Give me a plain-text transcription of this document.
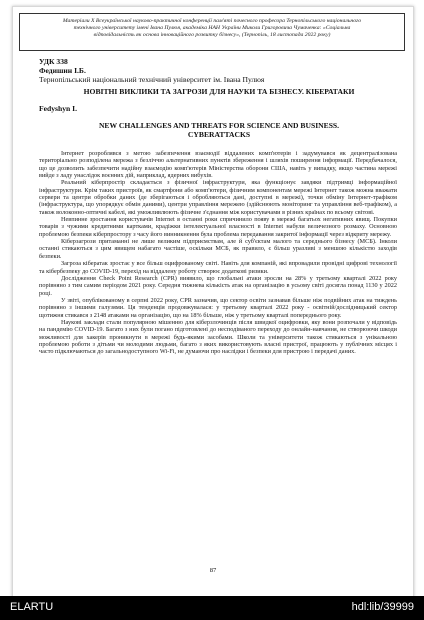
Матеріали Х Всеукраїнської науково-практичної конференції пам'яті почесного професора Тернопільського національного
технічного університету імені Івана Пулюя, академіка НАН України Миколи Григоровича Чумаченка: «Соціальна
відповідальність як основа інноваційного розвитку бізнесу», (Тернопіль, 18 листопада 2022 року)
УДК 338
Федишин І.Б.
Тернопільський національний технічний університет ім. Івана Пулюя
НОВІТНІ ВИКЛИКИ ТА ЗАГРОЗИ ДЛЯ НАУКИ ТА БІЗНЕСУ. КІБЕРАТАКИ
Fedyshyn I.
NEW CHALLENGES AND THREATS FOR SCIENCE AND BUSINESS.
CYBERATTACKS

Інтернет розроблявся з метою забезпечення взаємодії віддалених комп'ютерів і задумувався як децентралізована територіально розподілена мережа з безліччю альтернативних пунктів збереження і шляхів поширення інформації. Передбачалося, що це дозволить забезпечити надійну взаємодію комп'ютерів Міністерства оборони США, навіть у випадку, якщо частина мережі вийде з ладу унаслідок воєнних дій, наприклад, ядерних вибухів.

Реальний кіберпростір складається з фізичної інфраструктури, яка функціонує завдяки підтримці інформаційної інфраструктури. Крім таких пристроїв, як смартфони або комп'ютери, фізичним компонентам мережі Інтернет також можна вважати сервери та центри обробки даних (де зберігаються і обробляються дані, доступні в мережі), точки обміну Інтернет-трафіком (інфраструктура, що упорядкує обмін даними), центри управління мережею (здійснюють моніторинг та управління веб-трафіком), а також волоконно-оптичні кабелі, які уможливлюють фізичне з'єднання між користувачами в різних країнах по всьому світові.

Невпинне зростання користувачів Internet в останні роки спричинило появу в мережі багатьох негативних явищ. Покупки товарів з чужими кредитними картками, крадіжки інтелектуальної власності в Internet набули величезного розмаху. Основною проблемою безпеки кіберпростору з часу його винникнення була проблема передавання закритої інформації через відкриту мережу.

Кіберзагрози притаманні не лише великим підприємствам, але й суб'єктам малого та середнього бізнесу (МСБ). Інколи останні стикаються з цим явищем набагато частіше, оскільки МСБ, як правило, є більш уразливі з меншою кількістю заходів безпеки.

Загроза кібератак зростає у все більш оцифрованому світі. Навіть для компаній, які впровадили провідні цифрові технології та кібербезпеку до COVID-19, перехід на віддалену роботу створює додаткові ризики.

Дослідження Check Point Research (CPR) виявило, що глобальні атаки зросли на 28% у третьому кварталі 2022 року порівняно з тим самим періодом 2021 року. Середня тижнева кількість атак на організацію в усьому світі досягла понад 1130 у 2022 році.

У звіті, опублікованому в серпні 2022 року, CPR зазначив, що сектор освіти зазнавав більше ніж подвійних атак на тиждень порівняно з іншими галузями. Ця тенденція продовжувалася: у третьому кварталі 2022 року - освітній/дослідницький сектор щотижня стикався з 2148 атаками на організацію, що на 18% більше, ніж у третьому кварталі попереднього року.

Наукові заклади стали популярною мішенню для кіберзлочинців після швидкої оцифровки, яку вони розпочали у відповідь на пандемію COVID-19. Багато з них були погано підготовлені до несподіваного переходу до онлайн-навчання, не створюючи шкоди можливості для хакерів проникнути в мережі будь-якими засобами. Школи та університети також стикаються з унікальною проблемою роботи з дітьми чи молодими людьми, багато з яких використовують власні пристрої, працюють у публічних місцях і часто підключаються до загальнодоступного Wi-Fi, не думаючи про наслідки і безпеки для пристрою і передачі даних.

87
ELARTU	hdl:lib/39999
